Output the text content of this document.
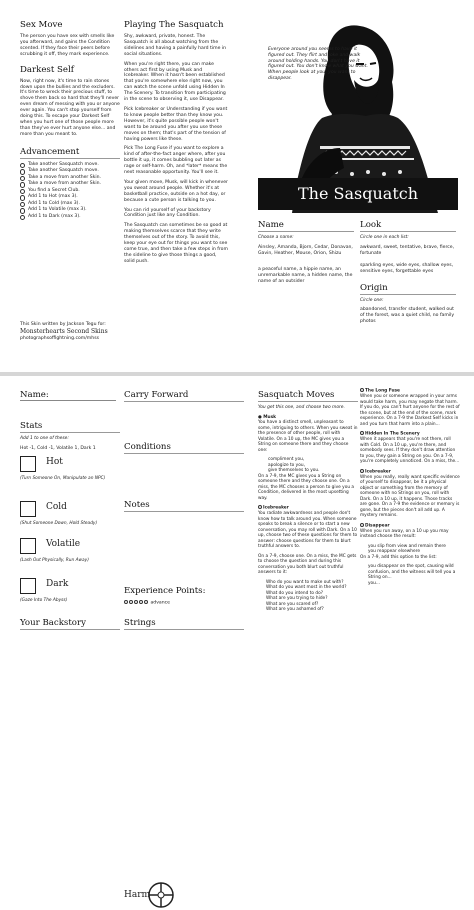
Sex Move

The person you have sex with smells like you afterward, and gains the Condition scented. If they face their peers before scrubbing it off, they mark experience.

Darkest Self

Now, right now, it's time to rain stones down upon the bullies and the excluders. It's time to wreck their precious stuff, to shove them back so hard that they'll never even dream of messing with you or anyone ever again. You can't stop yourself from doing this. To escape your Darkest Self when you hurt one of those people more than they've ever hurt anyone else... and more than you meant to.

Advancement
Take another Sasquatch move.
Take another Sasquatch move.
Take a move from another Skin.
Take a move from another Skin.
You find a Secret Club.
Add 1 to Hot (max 3).
Add 1 to Cold (max 3).
Add 1 to Volatile (max 3).
Add 1 to Dark (max 3).
This Skin written by Jackson Tegu for:
Monsterhearts Second Skins
photographsoffightning.com/mhss
Playing The Sasquatch

Shy, awkward, private, honest. The Sasquatch is all about watching from the sidelines and having a painfully hard time in social situations.

When you're right there, you can make others act first by using Musk and Icebreaker. When it hasn't been established that you're somewhere else right now, you can watch the scene unfold using Hidden In The Scenery. To transition from participating in the scene to observing it, use Disappear.

Pick Icebreaker or Understanding if you want to know people better than they know you. However, it's quite possible people won't want to be around you after you use these moves on them; that's part of the tension of having powers like these.

Pick The Long Fuse if you want to explore a kind of after-the-fact anger where, after you bottle it up, it comes bubbling out later as rage or self-harm. Oh, and *later* means the next reasonable opportunity. You'll see it.

Your given move, Musk, will kick in whenever you sweat around people. Whether it's at basketball practice, outside on a hot day, or because a cute person is talking to you.

You can rid yourself of your backstory Condition just like any Condition.

The Sasquatch can sometimes be so good at making themselves scarce that they write themselves out of the story. To avoid this, keep your eye out for things you want to see come true, and then take a few steps in from the sideline to give those things a good, solid push.

Everyone around you seems to have it figured out. They flirt and joke and walk around holding hands. You don't have it figured out. You don't know what you want. When people look at you, you want to disappear.
The Sasquatch
Name
Choose a name:

Ainsley, Amanda, Bjorn, Cedar, Donavan, Gavin, Heather, Mouse, Orion, Shizu

a peaceful name, a hippie name, an unremarkable name, a hidden name, the name of an outsider

Look
Circle one in each list:

awkward, sweet, tentative, brave, fierce, fortunate

sparkling eyes, wide eyes, shallow eyes, sensitive eyes, forgettable eyes

Origin
Circle one:

abandoned, transfer student, walked out of the forest, was a quiet child, no family photos

Name:
Stats
Add 1 to one of these:
Hot -1, Cold -1, Volatile 1, Dark 1
Hot
(Turn Someone On, Manipulate an NPC)
Cold
(Shut Someone Down, Hold Steady)
Volatile
(Lash Out Physically, Run Away)
Dark
(Gaze Into The Abyss)
Your Backstory
Carry Forward
Conditions
Notes
Harm
Experience Points:
advance
Strings
Sasquatch Moves
You get this one, and choose two more.
● Musk

You have a distinct smell, unpleasant to some, intriguing to others. When you sweat in the presence of other people, roll with Volatile. On a 10 up, the MC gives you a String on someone there and they choose one:

compliment you,
apologize to you,
give themselves to you.

On a 7-9, the MC gives you a String on someone there and they choose one. On a miss, the MC chooses a person to give you a Condition, delivered in the most upsetting way.

Icebreaker

You radiate awkwardness and people don't know how to talk around you. When someone speaks to break a silence or to start a new conversation, you may roll with Dark. On a 10 up, choose two of these questions for them to answer: choose questions for them to blurt truthful answers to.

On a 7-9, choose one. On a miss, the MC gets to choose the question and during this conversation you both blurt out truthful answers to it:

Who do you want to make out with?
What do you want most in the world?
What do you intend to do?
What are you trying to hide?
What are you scared of?
What are you ashamed of?
The Long Fuse

When you or someone wrapped in your arms would take harm, you may negate that harm. If you do, you can't hurt anyone for the rest of the scene, but at the end of the scene, mark experience. On a 7-9 the Darkest Self kicks in and you turn that harm into a plain...

Hidden In The Scenery

When it appears that you're not there, roll with Cold. On a 10 up, you're there, and somebody sees. If they don't draw attention to you, they gain a String on you. On a 7-9, you're completely unnoticed. On a miss, the...

Icebreaker

When you really, really want specific evidence of yourself to disappear, be it a physical object or something from the memory of someone with no Strings on you, roll with Dark. On a 10 up, it happens. Those tracks are gone. On a 7-9 the evidence or memory is gone, but the pieces don't all add up. A mystery remains.

Disappear

When you run away, on a 10 up you may instead choose the result:

you slip from view and remain there
you reappear elsewhere

On a 7-9, add this option to the list:

you disappear on the spot, causing wild confusion, and the witness will tell you a String on...
you...
